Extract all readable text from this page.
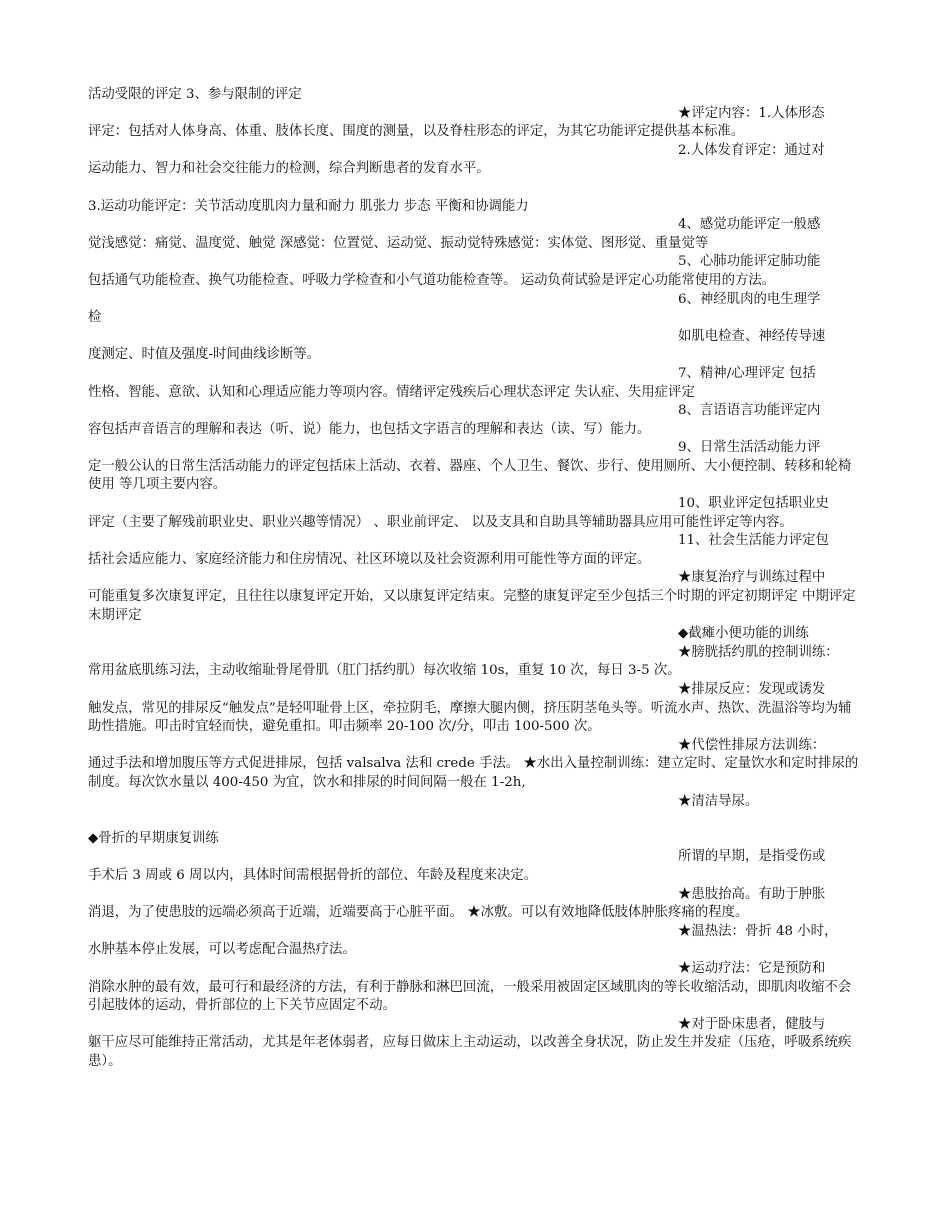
活动受限的评定 3、参与限制的评定

★评定内容：1.人体形态
评定：包括对人体身高、体重、肢体长度、围度的测量，以及脊柱形态的评定，为其它功能评定提供基本标准。

2.人体发育评定：通过对
运动能力、智力和社会交往能力的检测，综合判断患者的发育水平。

3.运动功能评定：关节活动度肌肉力量和耐力 肌张力 步态 平衡和协调能力

4、感觉功能评定一般感
觉浅感觉：痛觉、温度觉、触觉 深感觉：位置觉、运动觉、振动觉特殊感觉：实体觉、图形觉、重量觉等

5、心肺功能评定肺功能
包括通气功能检查、换气功能检查、呼吸力学检查和小气道功能检查等。 运动负荷试验是评定心功能常使用的方法。

6、神经肌肉的电生理学
检

如肌电检查、神经传导速
度测定、时值及强度-时间曲线诊断等。

7、精神/心理评定 包括
性格、智能、意欲、认知和心理适应能力等项内容。情绪评定残疾后心理状态评定 失认症、失用症评定

8、言语语言功能评定内
容包括声音语言的理解和表达（听、说）能力，也包括文字语言的理解和表达（读、写）能力。

9、日常生活活动能力评
定一般公认的日常生活活动能力的评定包括床上活动、衣着、器座、个人卫生、餐饮、步行、使用厕所、大小便控制、转移和轮椅使用 等几项主要内容。

10、职业评定包括职业史
评定（主要了解残前职业史、职业兴趣等情况） 、职业前评定、 以及支具和自助具等辅助器具应用可能性评定等内容。

11、社会生活能力评定包
括社会适应能力、家庭经济能力和住房情况、社区环境以及社会资源利用可能性等方面的评定。

★康复治疗与训练过程中
可能重复多次康复评定，且往往以康复评定开始，又以康复评定结束。完整的康复评定至少包括三个时期的评定初期评定 中期评定 末期评定

◆截瘫小便功能的训练

★膀胱括约肌的控制训练：
常用盆底肌练习法，主动收缩耻骨尾骨肌（肛门括约肌）每次收缩 10s，重复 10 次，每日 3-5 次。

★排尿反应：发现或诱发
触发点，常见的排尿反“触发点”是轻叩耻骨上区，牵拉阴毛，摩擦大腿内侧，挤压阴茎龟头等。听流水声、热饮、洗温浴等均为辅助性措施。叩击时宜轻而快，避免重扣。叩击频率 20-100 次/分，叩击 100-500 次。

★代偿性排尿方法训练：
通过手法和增加腹压等方式促进排尿，包括 valsalva 法和 crede 手法。 ★水出入量控制训练：建立定时、定量饮水和定时排尿的制度。每次饮水量以 400-450 为宜，饮水和排尿的时间间隔一般在 1-2h,

★清洁导尿。

◆骨折的早期康复训练

所谓的早期，是指受伤或
手术后 3 周或 6 周以内，具体时间需根据骨折的部位、年龄及程度来决定。

★患肢抬高。有助于肿胀
消退，为了使患肢的远端必须高于近端，近端要高于心脏平面。 ★冰敷。可以有效地降低肢体肿胀疼痛的程度。

★温热法：骨折 48 小时，
水肿基本停止发展，可以考虑配合温热疗法。

★运动疗法：它是预防和
消除水肿的最有效，最可行和最经济的方法，有利于静脉和淋巴回流，一般采用被固定区域肌肉的等长收缩活动，即肌肉收缩不会引起肢体的运动，骨折部位的上下关节应固定不动。

★对于卧床患者，健肢与
躯干应尽可能维持正常活动，尤其是年老体弱者，应每日做床上主动运动，以改善全身状况，防止发生并发症（压疮，呼吸系统疾患）。
